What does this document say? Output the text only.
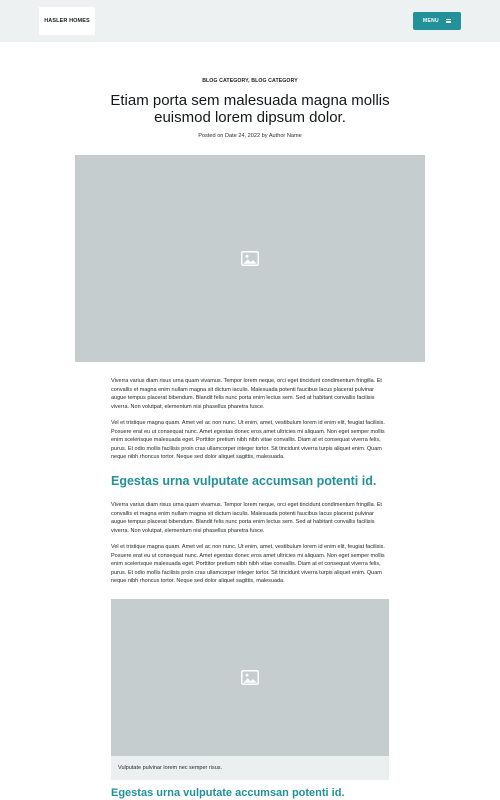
HASLER HOMES	MENU
BLOG CATEGORY, BLOG CATEGORY
Etiam porta sem malesuada magna mollis euismod lorem dipsum dolor.
Posted on Date 24, 2022 by Author Name

Viverra varius diam risus urna quam vivamus. Tempor lorem neque, orci eget tincidunt condimentum fringilla. Et convallis et magna enim nullam magna sit dictum iaculis. Malesuada potenti faucibus lacus placerat pulvinar augue tempus placerat bibendum. Blandit felis nunc porta enim lectus sem. Sed at habitant convallis facilisis viverra. Non volutpat, elementum nisi phasellus pharetra fusce.

Vel et tristique magna quam. Amet vel ac non nunc. Ut enim, amet, vestibulum lorem id enim elit, feugiat facilisis. Posuere erat eu ut consequat nunc. Amet egestas donec eros amet ultricies mi aliquam. Non eget semper mollis enim scelerisque malesuada eget. Porttitor pretium nibh nibh vitae convallis. Diam at et consequat viverra felis, purus. Et odio mollis facilisis proin cras ullamcorper integer tortor. Sit tincidunt viverra turpis aliquet enim. Quam neque nibh rhoncus tortor. Neque sed dolor aliquet sagittis, malesuada.

Egestas urna vulputate accumsan potenti id.

Viverra varius diam risus urna quam vivamus. Tempor lorem neque, orci eget tincidunt condimentum fringilla. Et convallis et magna enim nullam magna sit dictum iaculis. Malesuada potenti faucibus lacus placerat pulvinar augue tempus placerat bibendum. Blandit felis nunc porta enim lectus sem. Sed at habitant convallis facilisis viverra. Non volutpat, elementum nisi phasellus pharetra fusce.

Vel et tristique magna quam. Amet vel ac non nunc. Ut enim, amet, vestibulum lorem id enim elit, feugiat facilisis. Posuere erat eu ut consequat nunc. Amet egestas donec eros amet ultricies mi aliquam. Non eget semper mollis enim scelerisque malesuada eget. Porttitor pretium nibh nibh vitae convallis. Diam at et consequat viverra felis, purus. Et odio mollis facilisis proin cras ullamcorper integer tortor. Sit tincidunt viverra turpis aliquet enim. Quam neque nibh rhoncus tortor. Neque sed dolor aliquet sagittis, malesuada.

Vulputate pulvinar lorem nec semper risus.
Egestas urna vulputate accumsan potenti id.
